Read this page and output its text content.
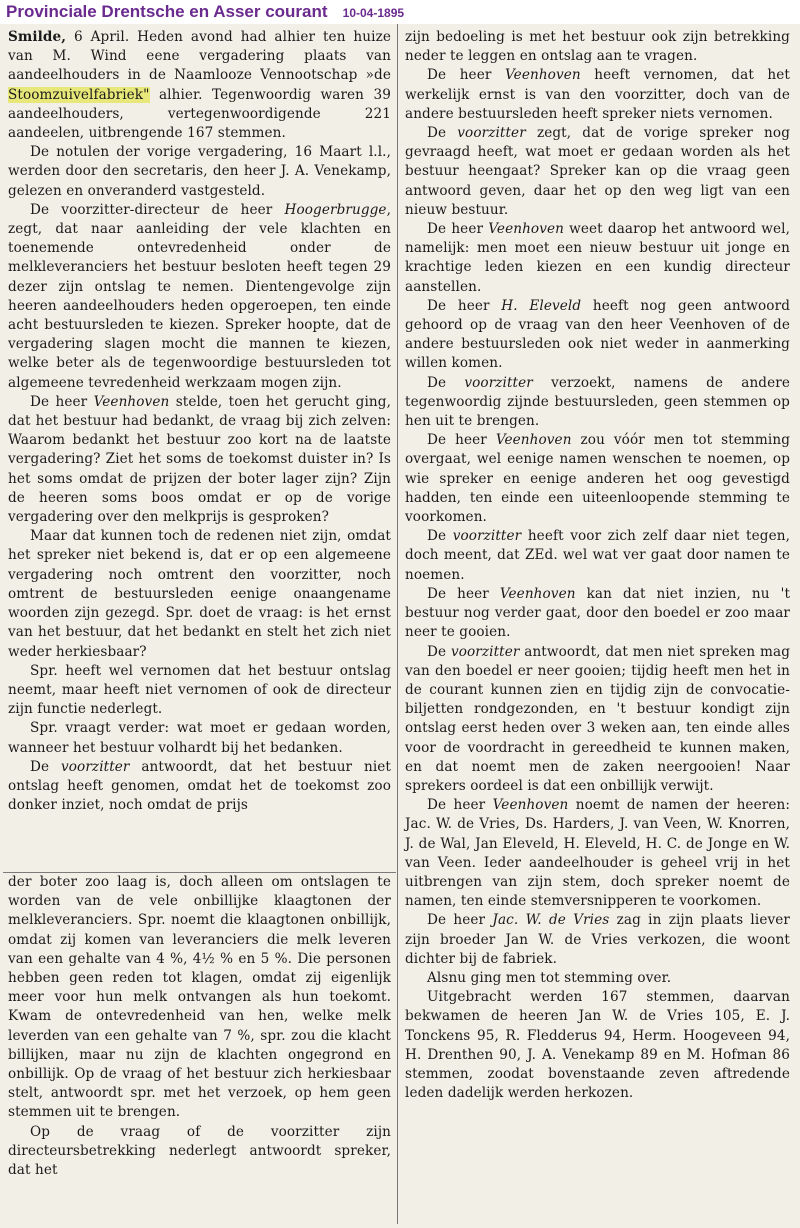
Provinciale Drentsche en Asser courant 10-04-1895

Smilde, 6 April. Heden avond had alhier ten huize van M. Wind eene vergadering plaats van aandeelhouders in de Naamlooze Vennootschap »de Stoomzuivelfabriek" alhier. Tegenwoordig waren 39 aandeelhouders, vertegenwoordigende 221 aandeelen, uitbrengende 167 stemmen.

De notulen der vorige vergadering, 16 Maart l.l., werden door den secretaris, den heer J. A. Venekamp, gelezen en onveranderd vastgesteld.

De voorzitter-directeur de heer Hoogerbrugge, zegt, dat naar aanleiding der vele klachten en toenemende ontevredenheid onder de melkleveranciers het bestuur besloten heeft tegen 29 dezer zijn ontslag te nemen. Dientengevolge zijn heeren aandeelhouders heden opgeroepen, ten einde acht bestuursleden te kiezen. Spreker hoopte, dat de vergadering slagen mocht die mannen te kiezen, welke beter als de tegenwoordige bestuursleden tot algemeene tevredenheid werkzaam mogen zijn.

De heer Veenhoven stelde, toen het gerucht ging, dat het bestuur had bedankt, de vraag bij zich zelven: Waarom bedankt het bestuur zoo kort na de laatste vergadering? Ziet het soms de toekomst duister in? Is het soms omdat de prijzen der boter lager zijn? Zijn de heeren soms boos omdat er op de vorige vergadering over den melkprijs is gesproken?

Maar dat kunnen toch de redenen niet zijn, omdat het spreker niet bekend is, dat er op een algemeene vergadering noch omtrent den voorzitter, noch omtrent de bestuursleden eenige onaangename woorden zijn gezegd. Spr. doet de vraag: is het ernst van het bestuur, dat het bedankt en stelt het zich niet weder herkiesbaar?

Spr. heeft wel vernomen dat het bestuur ontslag neemt, maar heeft niet vernomen of ook de directeur zijn functie nederlegt.

Spr. vraagt verder: wat moet er gedaan worden, wanneer het bestuur volhardt bij het bedanken.

De voorzitter antwoordt, dat het bestuur niet ontslag heeft genomen, omdat het de toekomst zoo donker inziet, noch omdat de prijs

der boter zoo laag is, doch alleen om ontslagen te worden van de vele onbillijke klaagtonen der melkleveranciers. Spr. noemt die klaagtonen onbillijk, omdat zij komen van leveranciers die melk leveren van een gehalte van 4 %, 4½ % en 5 %. Die personen hebben geen reden tot klagen, omdat zij eigenlijk meer voor hun melk ontvangen als hun toekomt. Kwam de ontevredenheid van hen, welke melk leverden van een gehalte van 7 %, spr. zou die klacht billijken, maar nu zijn de klachten ongegrond en onbillijk. Op de vraag of het bestuur zich herkiesbaar stelt, antwoordt spr. met het verzoek, op hem geen stemmen uit te brengen.

Op de vraag of de voorzitter zijn directeursbetrekking nederlegt antwoordt spreker, dat het

zijn bedoeling is met het bestuur ook zijn betrekking neder te leggen en ontslag aan te vragen.

De heer Veenhoven heeft vernomen, dat het werkelijk ernst is van den voorzitter, doch van de andere bestuursleden heeft spreker niets vernomen.

De voorzitter zegt, dat de vorige spreker nog gevraagd heeft, wat moet er gedaan worden als het bestuur heengaat? Spreker kan op die vraag geen antwoord geven, daar het op den weg ligt van een nieuw bestuur.

De heer Veenhoven weet daarop het antwoord wel, namelijk: men moet een nieuw bestuur uit jonge en krachtige leden kiezen en een kundig directeur aanstellen.

De heer H. Eleveld heeft nog geen antwoord gehoord op de vraag van den heer Veenhoven of de andere bestuursleden ook niet weder in aanmerking willen komen.

De voorzitter verzoekt, namens de andere tegenwoordig zijnde bestuursleden, geen stemmen op hen uit te brengen.

De heer Veenhoven zou vóór men tot stemming overgaat, wel eenige namen wenschen te noemen, op wie spreker en eenige anderen het oog gevestigd hadden, ten einde een uiteenloopende stemming te voorkomen.

De voorzitter heeft voor zich zelf daar niet tegen, doch meent, dat ZEd. wel wat ver gaat door namen te noemen.

De heer Veenhoven kan dat niet inzien, nu 't bestuur nog verder gaat, door den boedel er zoo maar neer te gooien.

De voorzitter antwoordt, dat men niet spreken mag van den boedel er neer gooien; tijdig heeft men het in de courant kunnen zien en tijdig zijn de convocatie-biljetten rondgezonden, en 't bestuur kondigt zijn ontslag eerst heden over 3 weken aan, ten einde alles voor de voordracht in gereedheid te kunnen maken, en dat noemt men de zaken neergooien! Naar sprekers oordeel is dat een onbillijk verwijt.

De heer Veenhoven noemt de namen der heeren: Jac. W. de Vries, Ds. Harders, J. van Veen, W. Knorren, J. de Wal, Jan Eleveld, H. Eleveld, H. C. de Jonge en W. van Veen. Ieder aandeelhouder is geheel vrij in het uitbrengen van zijn stem, doch spreker noemt de namen, ten einde stemversnipperen te voorkomen.

De heer Jac. W. de Vries zag in zijn plaats liever zijn broeder Jan W. de Vries verkozen, die woont dichter bij de fabriek.

Alsnu ging men tot stemming over.

Uitgebracht werden 167 stemmen, daarvan bekwamen de heeren Jan W. de Vries 105, E. J. Tonckens 95, R. Fledderus 94, Herm. Hoogeveen 94, H. Drenthen 90, J. A. Venekamp 89 en M. Hofman 86 stemmen, zoodat bovenstaande zeven aftredende leden dadelijk werden herkozen.
